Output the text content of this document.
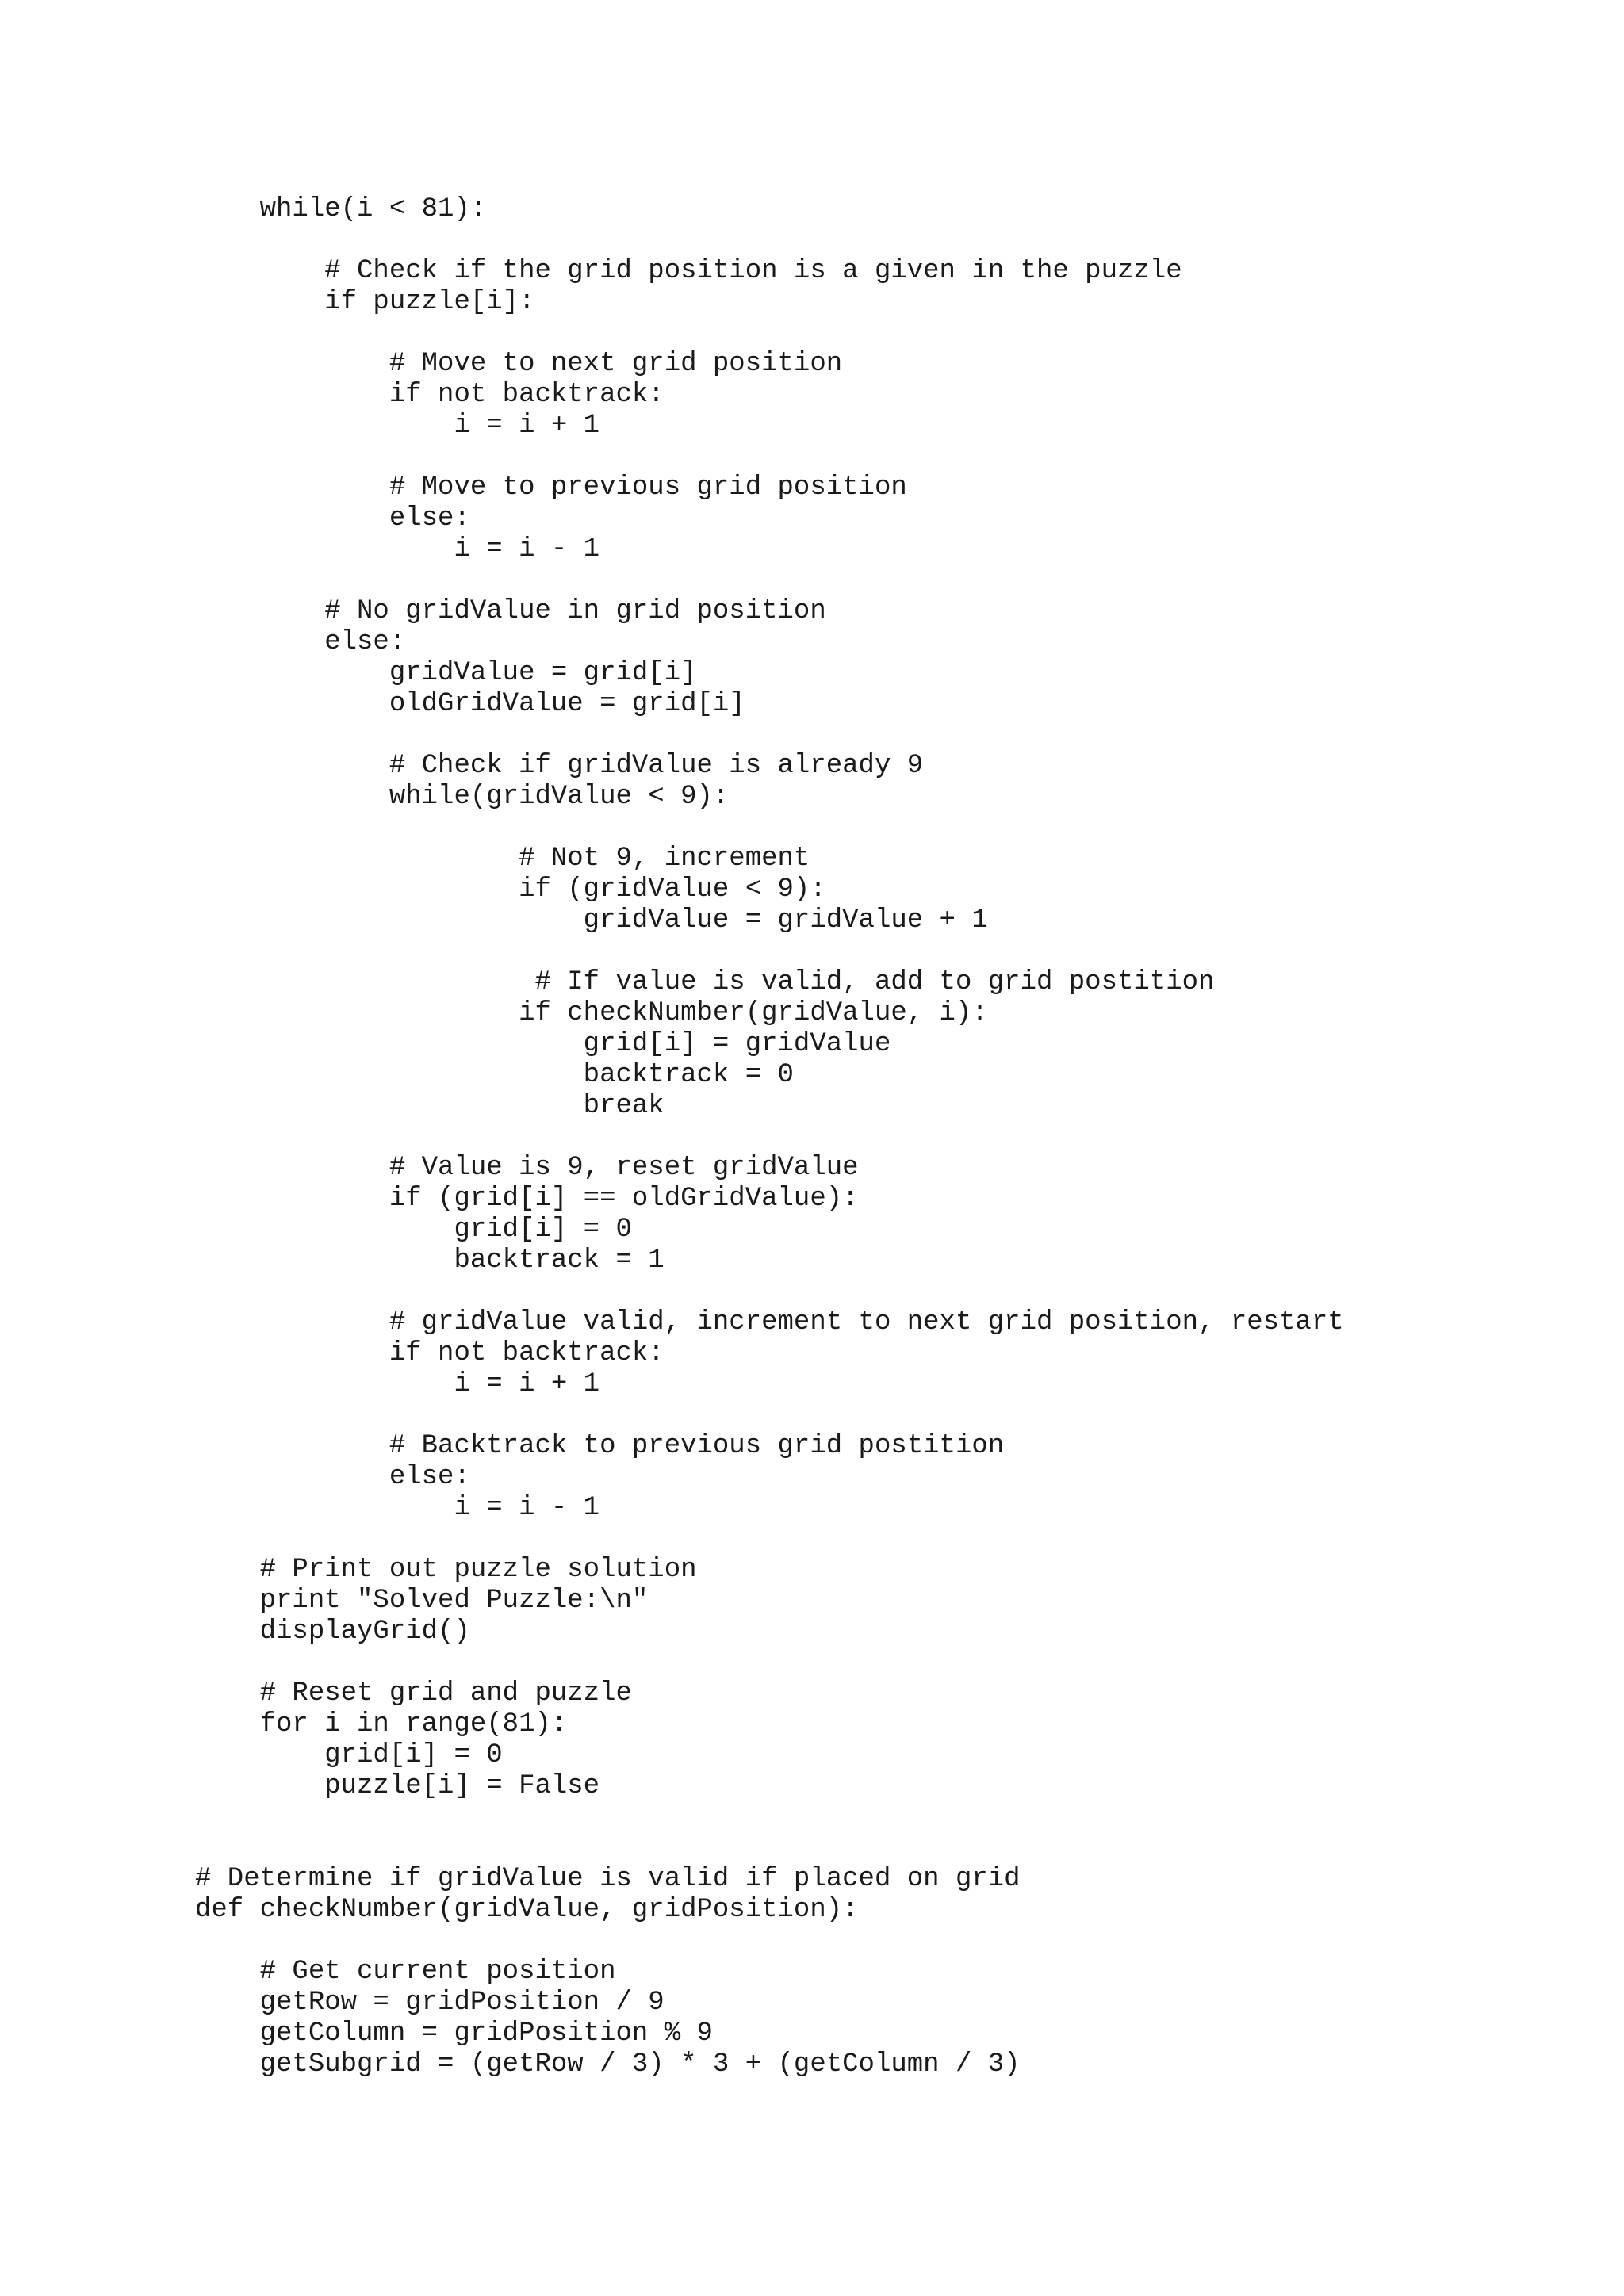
while(i < 81):
# Check if the grid position is a given in the puzzle
if puzzle[i]:
# Move to next grid position
if not backtrack:
i = i + 1
# Move to previous grid position
else:
i = i - 1
# No gridValue in grid position
else:
gridValue = grid[i]
oldGridValue = grid[i]
# Check if gridValue is already 9
while(gridValue < 9):
# Not 9, increment
if (gridValue < 9):
gridValue = gridValue + 1
# If value is valid, add to grid postition
if checkNumber(gridValue, i):
grid[i] = gridValue
backtrack = 0
break
# Value is 9, reset gridValue
if (grid[i] == oldGridValue):
grid[i] = 0
backtrack = 1
# gridValue valid, increment to next grid position, restart
if not backtrack:
i = i + 1
# Backtrack to previous grid postition
else:
i = i - 1
# Print out puzzle solution
print "Solved Puzzle:\n"
displayGrid()
# Reset grid and puzzle
for i in range(81):
grid[i] = 0
puzzle[i] = False
# Determine if gridValue is valid if placed on grid
def checkNumber(gridValue, gridPosition):
# Get current position
getRow = gridPosition / 9
getColumn = gridPosition % 9
getSubgrid = (getRow / 3) * 3 + (getColumn / 3)
